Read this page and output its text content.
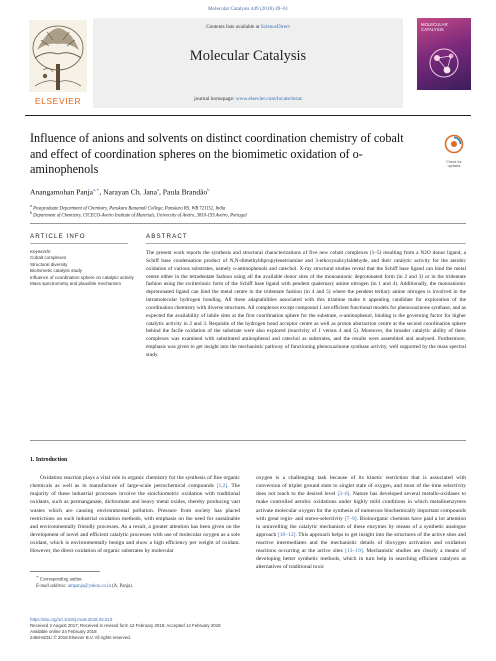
Molecular Catalysis 449 (2018) 49–61
ELSEVIER
Contents lists available at ScienceDirect
Molecular Catalysis
journal homepage: www.elsevier.com/locate/mcat
MOLECULAR
CATALYSIS
Influence of anions and solvents on distinct coordination chemistry of cobalt and effect of coordination spheres on the biomimetic oxidation of o-aminophenols	Check for
updates
Anangamohan Panja$^{a,∗}$, Narayan Ch. Jana$^a$, Paula Brandão$^b$
$^a$ Postgraduate Department of Chemistry, Panskura Banamali College, Panskura RS, WB 721152, India
$^b$ Department of Chemistry, CICECO-Aveiro Institute of Materials, University of Aveiro, 3810-193 Aveiro, Portugal
ARTICLE INFO	ABSTRACT
Keywords:
Cobalt complexes
Structural diversity
Biomimetic catalytic study
Influence of coordination sphere on catalytic activity
Mass spectrometry and plausible mechanism
The present work reports the synthesis and structural characterizations of five new cobalt complexes (1–5) resulting from a N2O donor ligand, a Schiff base condensation product of N,N-dimethyldipropylenetriamine and 3-ethoxysalicylaldehyde, and their catalytic activity for the aerobic oxidation of various substrates, namely o-aminophenols and catechol. X-ray structural studies reveal that the Schiff base ligand can bind the metal centre either in the tetradentate fashion using all the available donor sites of the monoanionic deprotonated form (in 2 and 3) or in the tridentate fashion using the zwitterionic form of the Schiff base ligand with pendent quaternary amine nitrogen (in 1 and 4). Additionally, the monoanionic deprotonated ligand can bind the metal centre in the tridentate fashion (in 4 and 5) where the pendent tertiary amine nitrogen is involved in the intramolecular hydrogen bonding. All these adaptabilities associated with this triamine make it appealing candidate for exploration of the coordination chemistry with diverse structures. All complexes except compound 1 are efficient functional models for phenoxazinone synthase, and as expected the availability of labile sites at the first coordination sphere for the substrate, o-aminophenol, binding is the governing factor for higher catalytic activity in 2 and 3. Requisite of the hydrogen bond acceptor centre as well as proton abstraction centre at the second coordination sphere behind the facile oxidation of the substrate were also explored (reactivity of 1 versus 4 and 5). Moreover, the broader catalytic ability of these complexes was examined with substituted aminophenol and catechol as substrates, and the results were assembled and analysed. Furthermore, emphasis was given to get insight into the mechanistic pathway of functioning phenoxazinone synthase activity, well supported by the mass spectral study.
1. Introduction
Oxidation reaction plays a vital role in organic chemistry for the synthesis of fine organic chemicals as well as in manufacture of large-scale petrochemical compounds [1,2]. The majority of these industrial processes involve the stoichiometric oxidation with traditional oxidants, such as permanganate, dichromate and heavy metal oxides, thereby producing vast wastes which are causing environmental pollution. Pressure from society has placed restrictions on such industrial oxidation methods, with emphasis on the need for sustainable and environmentally friendly processes. As a result, a greater attention has been given on the development of novel and efficient catalytic processes with use of molecular oxygen as a sole oxidant, which is environmentally benign and show a high efficiency per weight of oxidant. However, the direct oxidation of organic substrates by molecular
oxygen is a challenging task because of its kinetic restriction that is associated with conversion of triplet ground state to singlet state of oxygen, and most of the time selectivity does not reach to the desired level [3–6]. Nature has developed several metallo-oxidases to make controlled aerobic oxidations under highly mild conditions in which metalloenzymes activate molecular oxygen for the synthesis of numerous biochemically important compounds with great regio- and stereo-selectivity [7–9]. Bioinorganic chemists have paid a lot attention in unravelling the catalytic mechanism of these enzymes by means of a synthetic analogue approach [10–12]. This approach helps to get insight into the structures of the active sites and reactive intermediates and the mechanistic details of dioxygen activation and oxidation reactions occurring at the active sites [13–19]. Mechanistic studies are clearly a means of developing better synthetic methods, which in turn help in searching efficient catalysts as alternatives of traditional toxic
∗ Corresponding author.
E-mail address: ampanja@yahoo.co.in (A. Panja).
https://doi.org/10.1016/j.mcat.2018.02.013
Received 2 August 2017; Received in revised form 12 February 2018; Accepted 14 February 2018
Available online 24 February 2018
2468-8231/ © 2018 Elsevier B.V. All rights reserved.
